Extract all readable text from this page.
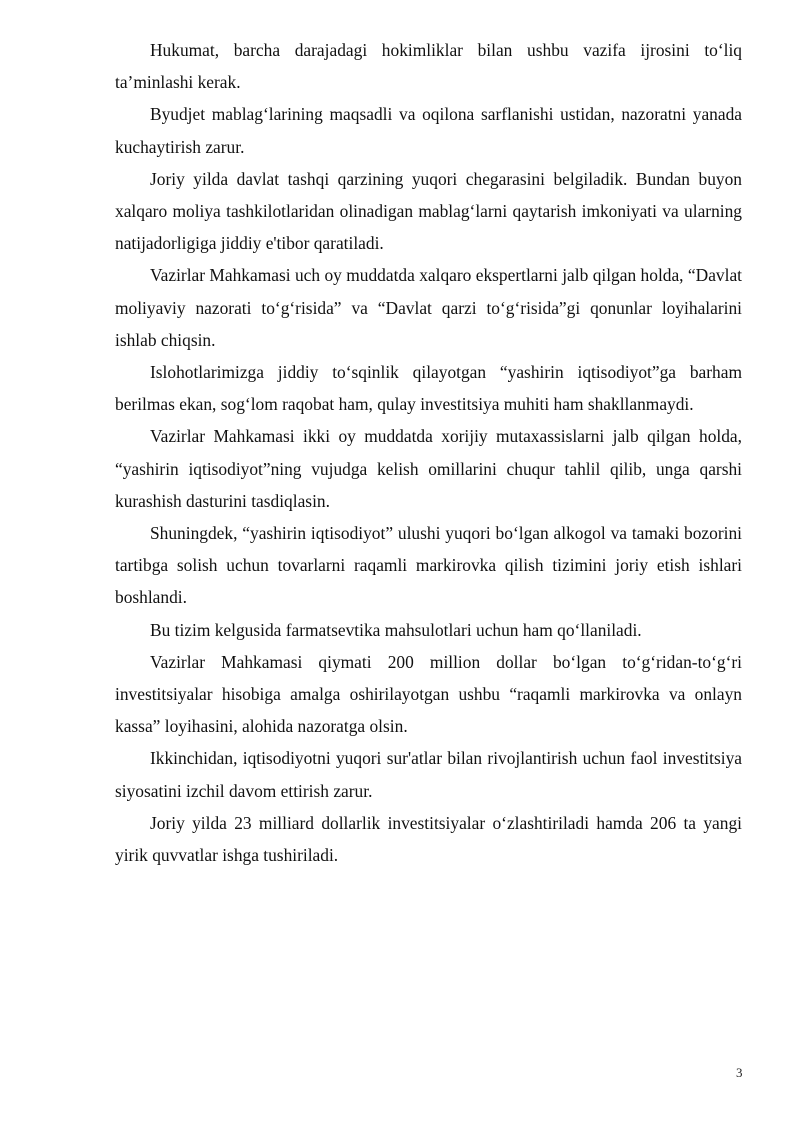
Hukumat, barcha darajadagi hokimliklar bilan ushbu vazifa ijrosini to‘liq ta’minlashi kerak.

Byudjet mablag‘larining maqsadli va oqilona sarflanishi ustidan, nazoratni yanada kuchaytirish zarur.

Joriy yilda davlat tashqi qarzining yuqori chegarasini belgiladik. Bundan buyon xalqaro moliya tashkilotlaridan olinadigan mablag‘larni qaytarish imkoniyati va ularning natijadorligiga jiddiy e'tibor qaratiladi.

Vazirlar Mahkamasi uch oy muddatda xalqaro ekspertlarni jalb qilgan holda, “Davlat moliyaviy nazorati to‘g‘risida” va “Davlat qarzi to‘g‘risida”gi qonunlar loyihalarini ishlab chiqsin.

Islohotlarimizga jiddiy to‘sqinlik qilayotgan “yashirin iqtisodiyot”ga barham berilmas ekan, sog‘lom raqobat ham, qulay investitsiya muhiti ham shakllanmaydi.

Vazirlar Mahkamasi ikki oy muddatda xorijiy mutaxassislarni jalb qilgan holda, “yashirin iqtisodiyot”ning vujudga kelish omillarini chuqur tahlil qilib, unga qarshi kurashish dasturini tasdiqlasin.

Shuningdek, “yashirin iqtisodiyot” ulushi yuqori bo‘lgan alkogol va tamaki bozorini tartibga solish uchun tovarlarni raqamli markirovka qilish tizimini joriy etish ishlari boshlandi.

Bu tizim kelgusida farmatsevtika mahsulotlari uchun ham qo‘llaniladi.

Vazirlar Mahkamasi qiymati 200 million dollar bo‘lgan to‘g‘ridan-to‘g‘ri investitsiyalar hisobiga amalga oshirilayotgan ushbu “raqamli markirovka va onlayn kassa” loyihasini, alohida nazoratga olsin.

Ikkinchidan, iqtisodiyotni yuqori sur'atlar bilan rivojlantirish uchun faol investitsiya siyosatini izchil davom ettirish zarur.

Joriy yilda 23 milliard dollarlik investitsiyalar o‘zlashtiriladi hamda 206 ta yangi yirik quvvatlar ishga tushiriladi.

3
